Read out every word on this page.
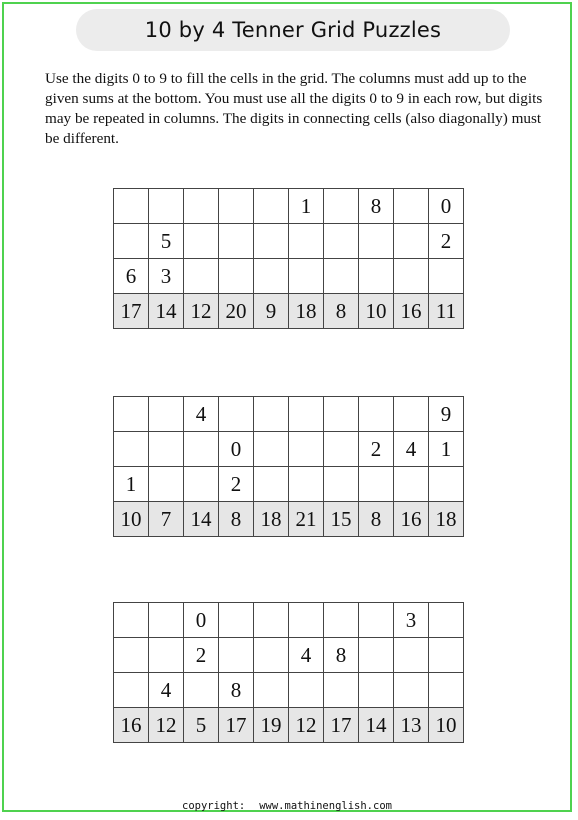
10 by 4 Tenner Grid Puzzles

Use the digits 0 to 9 to fill the cells in the grid. The columns must add up to the given sums at the bottom. You must use all the digits 0 to 9 in each row, but digits may be repeated in columns. The digits in connecting cells (also diagonally) must be different.

					1		8		0
	5								2
6	3								
17	14	12	20	9	18	8	10	16	11
		4							9
			0				2	4	1
1			2						
10	7	14	8	18	21	15	8	16	18
		0						3	
		2			4	8			
	4		8						
16	12	5	17	19	12	17	14	13	10
copyright: www.mathinenglish.com
